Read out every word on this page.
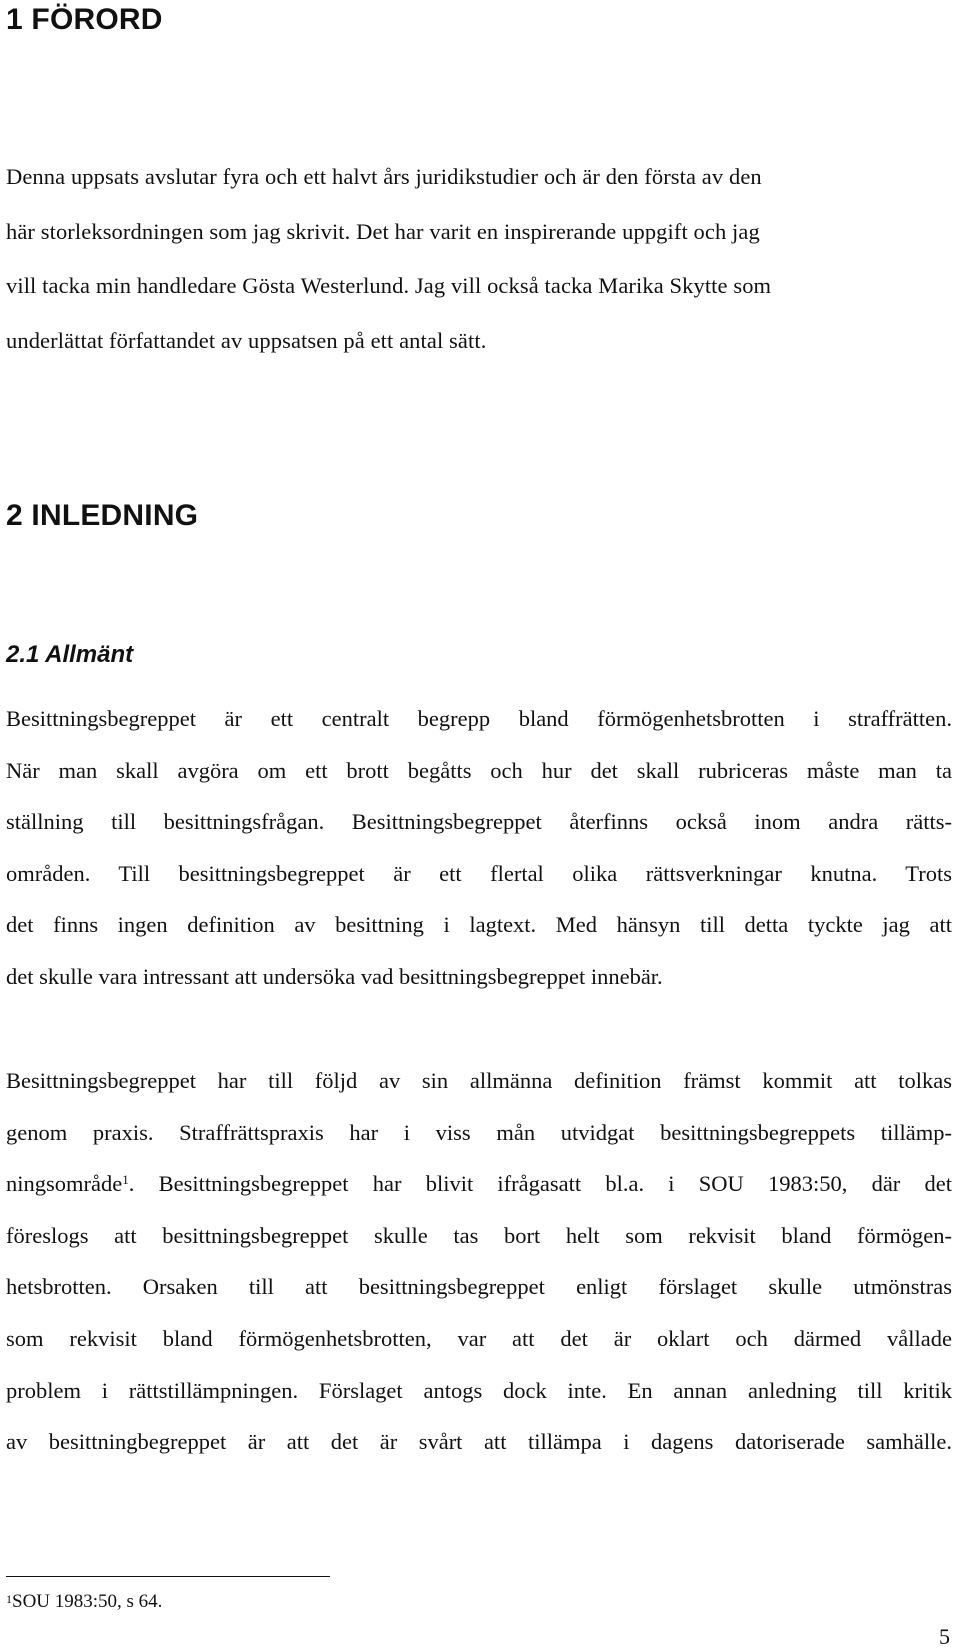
1 FÖRORD

Denna uppsats avslutar fyra och ett halvt års juridikstudier och är den första av den
här storleksordningen som jag skrivit. Det har varit en inspirerande uppgift och jag
vill tacka min handledare Gösta Westerlund. Jag vill också tacka Marika Skytte som
underlättat författandet av uppsatsen på ett antal sätt.

2 INLEDNING
2.1 Allmänt

Besittningsbegreppet är ett centralt begrepp bland förmögenhetsbrotten i straffrätten.
När man skall avgöra om ett brott begåtts och hur det skall rubriceras måste man ta
ställning till besittningsfrågan. Besittningsbegreppet återfinns också inom andra rätts-
områden. Till besittningsbegreppet är ett flertal olika rättsverkningar knutna. Trots
det finns ingen definition av besittning i lagtext. Med hänsyn till detta tyckte jag att
det skulle vara intressant att undersöka vad besittningsbegreppet innebär.

Besittningsbegreppet har till följd av sin allmänna definition främst kommit att tolkas
genom praxis. Straffrättspraxis har i viss mån utvidgat besittningsbegreppets tillämp-
ningsområde$^1$. Besittningsbegreppet har blivit ifrågasatt bl.a. i SOU 1983:50, där det
föreslogs att besittningsbegreppet skulle tas bort helt som rekvisit bland förmögen-
hetsbrotten. Orsaken till att besittningsbegreppet enligt förslaget skulle utmönstras
som rekvisit bland förmögenhetsbrotten, var att det är oklart och därmed vållade
problem i rättstillämpningen. Förslaget antogs dock inte. En annan anledning till kritik
av besittningbegreppet är att det är svårt att tillämpa i dagens datoriserade samhälle.

$^1$SOU 1983:50, s 64.

5
